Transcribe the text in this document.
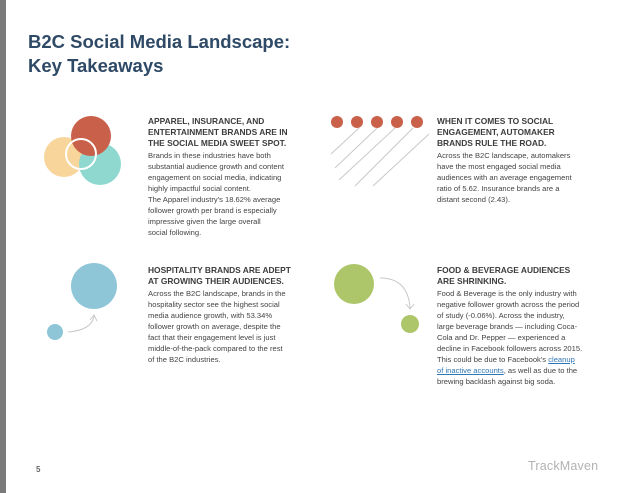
B2C Social Media Landscape:
Key Takeaways

APPAREL, INSURANCE, AND
ENTERTAINMENT BRANDS ARE IN
THE SOCIAL MEDIA SWEET SPOT.

Brands in these industries have both
substantial audience growth and content
engagement on social media, indicating
highly impactful social content.
The Apparel industry's 18.62% average
follower growth per brand is especially
impressive given the large overall
social following.

WHEN IT COMES TO SOCIAL
ENGAGEMENT, AUTOMAKER
BRANDS RULE THE ROAD.

Across the B2C landscape, automakers
have the most engaged social media
audiences with an average engagement
ratio of 5.62. Insurance brands are a
distant second (2.43).

HOSPITALITY BRANDS ARE ADEPT
AT GROWING THEIR AUDIENCES.

Across the B2C landscape, brands in the
hospitality sector see the highest social
media audience growth, with 53.34%
follower growth on average, despite the
fact that their engagement level is just
middle-of-the-pack compared to the rest
of the B2C industries.

FOOD & BEVERAGE AUDIENCES
ARE SHRINKING.

Food & Beverage is the only industry with
negative follower growth across the period
of study (-0.06%). Across the industry,
large beverage brands — including Coca-
Cola and Dr. Pepper — experienced a
decline in Facebook followers across 2015.
This could be due to Facebook's cleanup
of inactive accounts, as well as due to the
brewing backlash against big soda.

5	TrackMaven
